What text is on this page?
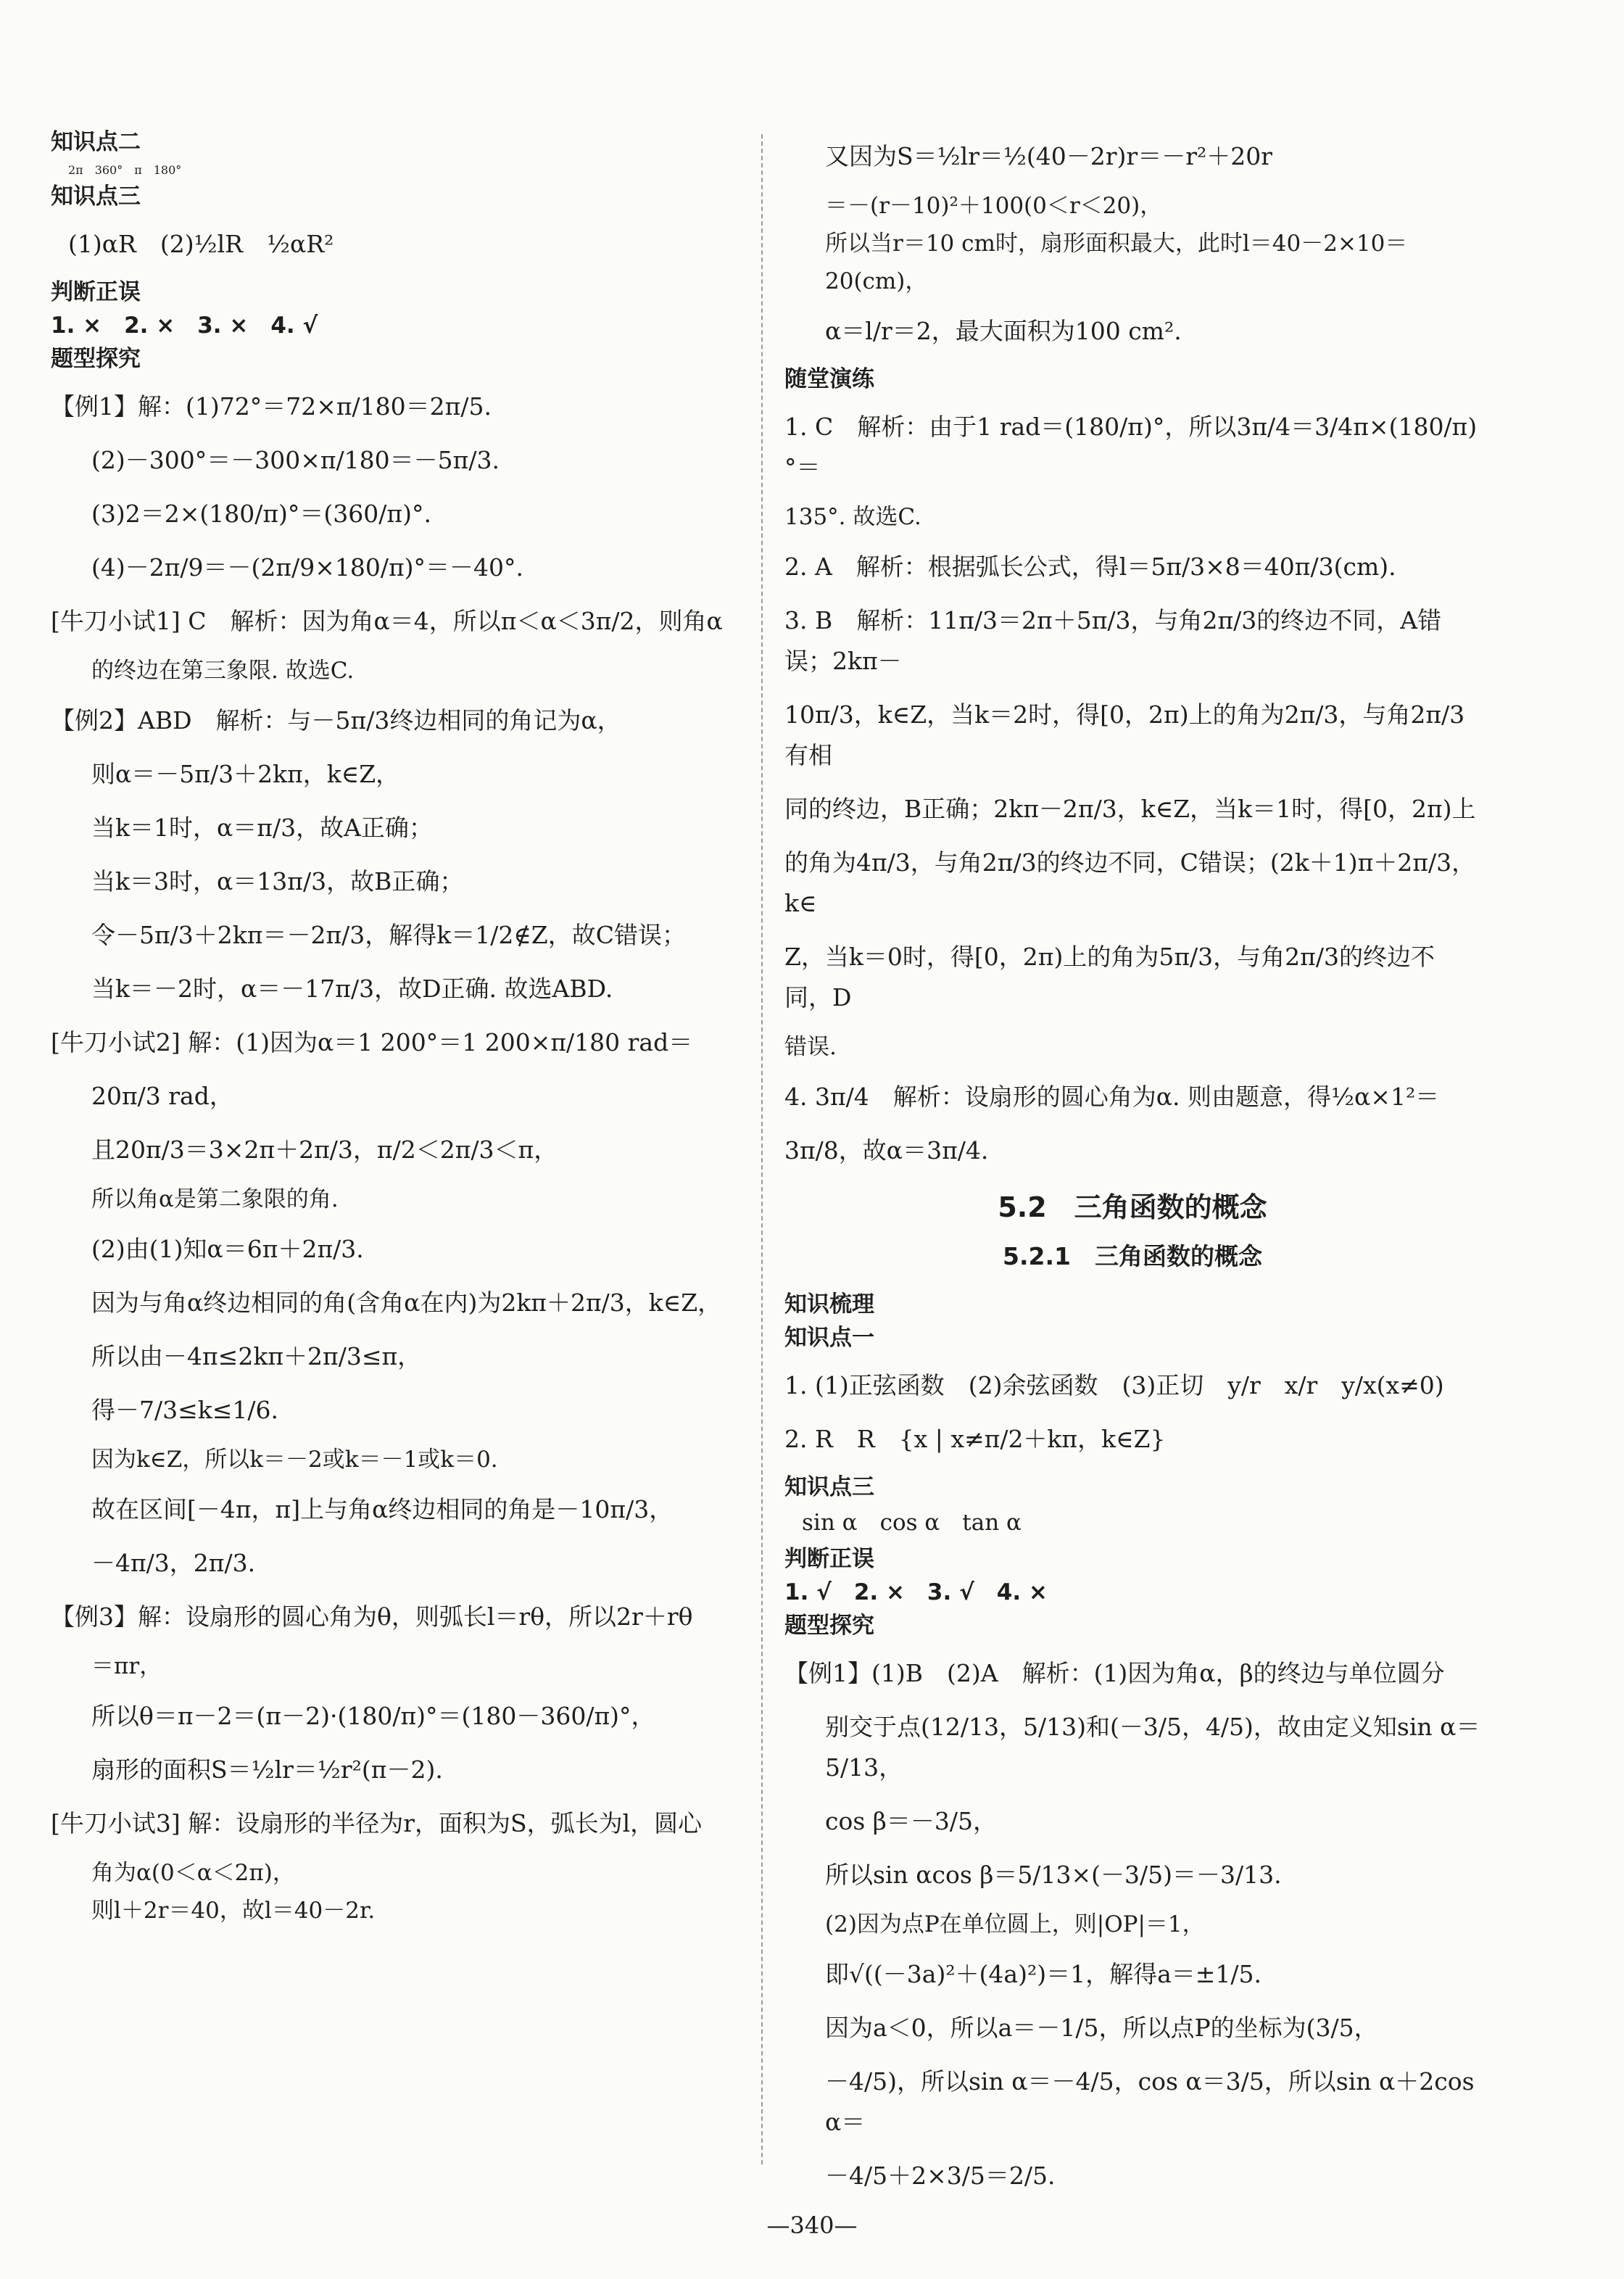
知识点二
2π　360°　π　180°
知识点三
(1)αR　(2)½lR　½αR²
判断正误
1. ×　2. ×　3. ×　4. √
题型探究
【例1】解：(1)72°＝72×π/180＝2π/5.
(2)－300°＝－300×π/180＝－5π/3.
(3)2＝2×(180/π)°＝(360/π)°.
(4)－2π/9＝－(2π/9×180/π)°＝－40°.
[牛刀小试1] C　解析：因为角α＝4，所以π＜α＜3π/2，则角α
的终边在第三象限. 故选C.
【例2】ABD　解析：与－5π/3终边相同的角记为α，
则α＝－5π/3＋2kπ，k∈Z，
当k＝1时，α＝π/3，故A正确；
当k＝3时，α＝13π/3，故B正确；
令－5π/3＋2kπ＝－2π/3，解得k＝1/2∉Z，故C错误；
当k＝－2时，α＝－17π/3，故D正确. 故选ABD.
[牛刀小试2] 解：(1)因为α＝1 200°＝1 200×π/180 rad＝
20π/3 rad，
且20π/3＝3×2π＋2π/3，π/2＜2π/3＜π，
所以角α是第二象限的角.
(2)由(1)知α＝6π＋2π/3.
因为与角α终边相同的角(含角α在内)为2kπ＋2π/3，k∈Z，
所以由－4π≤2kπ＋2π/3≤π，
得－7/3≤k≤1/6.
因为k∈Z，所以k＝－2或k＝－1或k＝0.
故在区间[－4π，π]上与角α终边相同的角是－10π/3，
－4π/3，2π/3.
【例3】解：设扇形的圆心角为θ，则弧长l＝rθ，所以2r＋rθ
＝πr，
所以θ＝π－2＝(π－2)·(180/π)°＝(180－360/π)°，
扇形的面积S＝½lr＝½r²(π－2).
[牛刀小试3] 解：设扇形的半径为r，面积为S，弧长为l，圆心
角为α(0＜α＜2π)，
则l＋2r＝40，故l＝40－2r.
又因为S＝½lr＝½(40－2r)r＝－r²＋20r
＝－(r－10)²＋100(0＜r＜20)，
所以当r＝10 cm时，扇形面积最大，此时l＝40－2×10＝
20(cm)，
α＝l/r＝2，最大面积为100 cm².
随堂演练
1. C　解析：由于1 rad＝(180/π)°，所以3π/4＝3/4π×(180/π)°＝
135°. 故选C.
2. A　解析：根据弧长公式，得l＝5π/3×8＝40π/3(cm).
3. B　解析：11π/3＝2π＋5π/3，与角2π/3的终边不同，A错误；2kπ－
10π/3，k∈Z，当k＝2时，得[0，2π)上的角为2π/3，与角2π/3有相
同的终边，B正确；2kπ－2π/3，k∈Z，当k＝1时，得[0，2π)上
的角为4π/3，与角2π/3的终边不同，C错误；(2k＋1)π＋2π/3，k∈
Z，当k＝0时，得[0，2π)上的角为5π/3，与角2π/3的终边不同，D
错误.
4. 3π/4　解析：设扇形的圆心角为α. 则由题意，得½α×1²＝
3π/8，故α＝3π/4.
5.2　三角函数的概念
5.2.1　三角函数的概念
知识梳理
知识点一
1. (1)正弦函数　(2)余弦函数　(3)正切　y/r　x/r　y/x(x≠0)
2. R　R　{x | x≠π/2＋kπ，k∈Z}
知识点三
sin α　cos α　tan α
判断正误
1. √　2. ×　3. √　4. ×
题型探究
【例1】(1)B　(2)A　解析：(1)因为角α，β的终边与单位圆分
别交于点(12/13，5/13)和(－3/5，4/5)，故由定义知sin α＝5/13，
cos β＝－3/5，
所以sin αcos β＝5/13×(－3/5)＝－3/13.
(2)因为点P在单位圆上，则|OP|＝1，
即√((－3a)²＋(4a)²)＝1，解得a＝±1/5.
因为a＜0，所以a＝－1/5，所以点P的坐标为(3/5，
－4/5)，所以sin α＝－4/5，cos α＝3/5，所以sin α＋2cos α＝
－4/5＋2×3/5＝2/5.
—340—
